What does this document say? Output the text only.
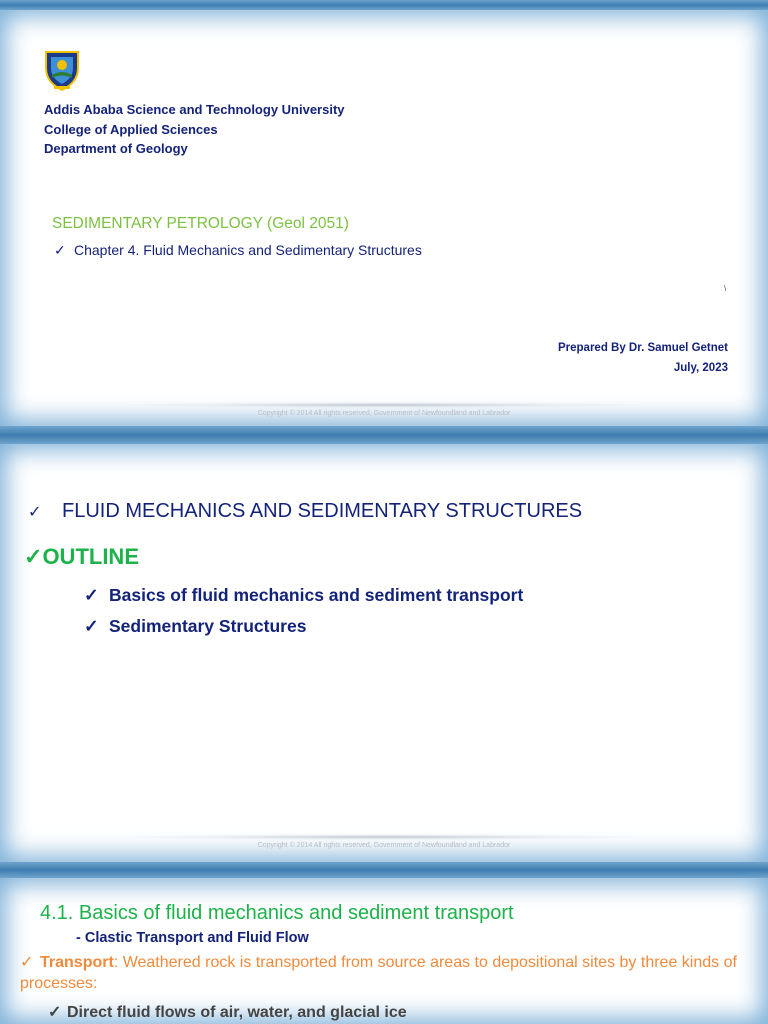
Addis Ababa Science and Technology University
College of Applied Sciences
Department of Geology
SEDIMENTARY PETROLOGY (Geol 2051)
✓ Chapter 4. Fluid Mechanics and Sedimentary Structures
\
Prepared By Dr. Samuel Getnet
July, 2023
Copyright © 2014 All rights reserved, Government of Newfoundland and Labrador
✓ FLUID MECHANICS AND SEDIMENTARY STRUCTURES
✓OUTLINE
✓ Basics of fluid mechanics and sediment transport
✓ Sedimentary Structures
Copyright © 2014 All rights reserved, Government of Newfoundland and Labrador
4.1. Basics of fluid mechanics and sediment transport
- Clastic Transport and Fluid Flow
✓ Transport: Weathered rock is transported from source areas to depositional sites by three kinds of processes:
✓ Direct fluid flows of air, water, and glacial ice
